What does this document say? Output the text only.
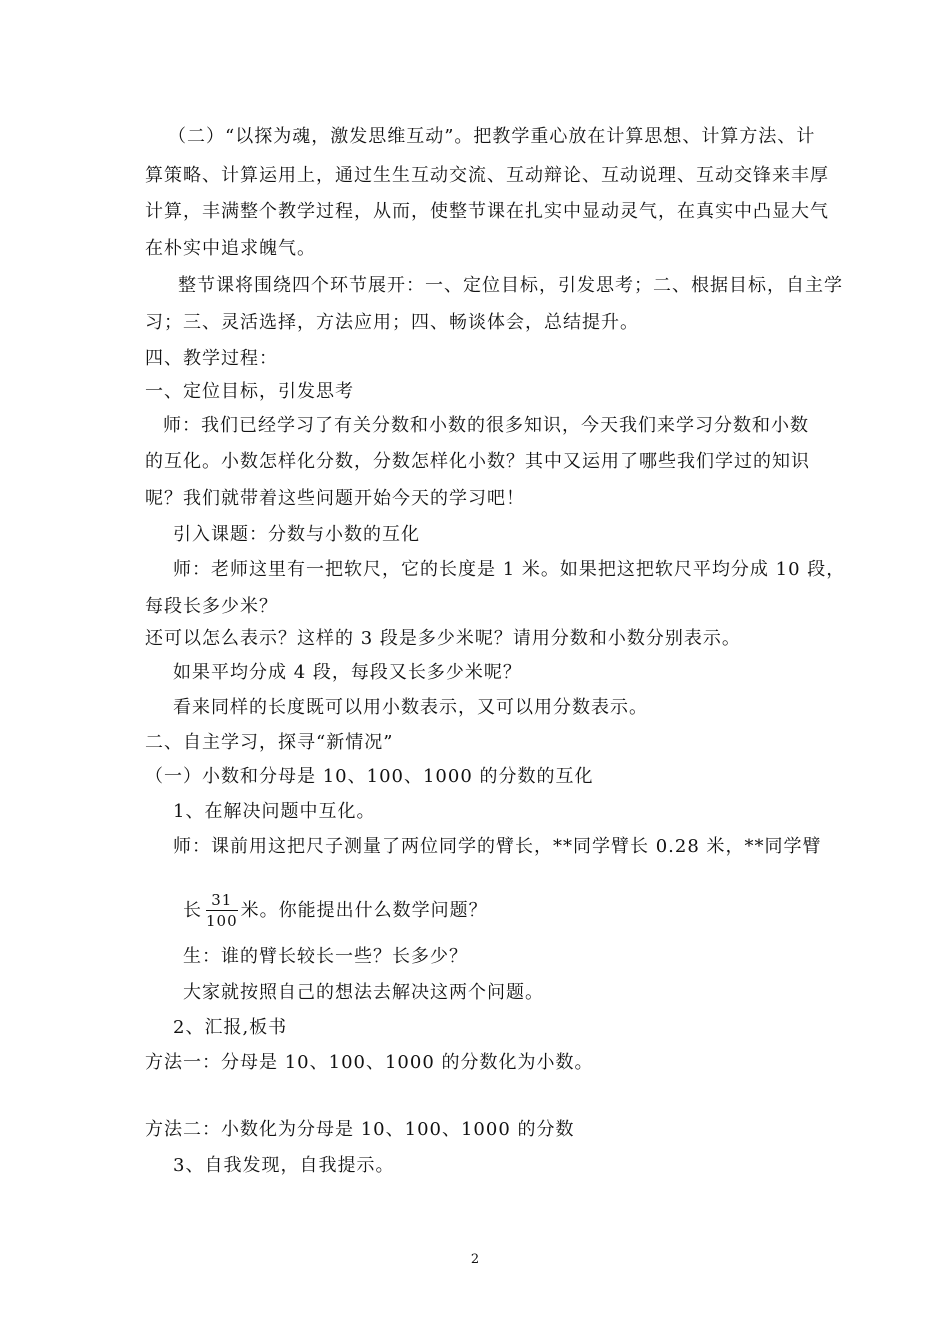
（二）“以探为魂，激发思维互动”。把教学重心放在计算思想、计算方法、计
算策略、计算运用上，通过生生互动交流、互动辩论、互动说理、互动交锋来丰厚
计算，丰满整个教学过程，从而，使整节课在扎实中显动灵气，在真实中凸显大气
在朴实中追求魄气。
整节课将围绕四个环节展开：一、定位目标，引发思考；二、根据目标，自主学
习；三、灵活选择，方法应用；四、畅谈体会，总结提升。
四、教学过程：
一、定位目标，引发思考
师：我们已经学习了有关分数和小数的很多知识，今天我们来学习分数和小数
的互化。小数怎样化分数，分数怎样化小数？其中又运用了哪些我们学过的知识
呢？我们就带着这些问题开始今天的学习吧！
引入课题：分数与小数的互化
师：老师这里有一把软尺，它的长度是 1 米。如果把这把软尺平均分成 10 段，
每段长多少米？
还可以怎么表示？这样的 3 段是多少米呢？请用分数和小数分别表示。
如果平均分成 4 段，每段又长多少米呢？
看来同样的长度既可以用小数表示，又可以用分数表示。
二、自主学习，探寻“新情况”
（一）小数和分母是 10、100、1000 的分数的互化
1、在解决问题中互化。
师：课前用这把尺子测量了两位同学的臂长，**同学臂长 0.28 米，**同学臂
长 $\frac{31}{100}$ 米。你能提出什么数学问题？
生：谁的臂长较长一些？长多少？
大家就按照自己的想法去解决这两个问题。
2、汇报,板书
方法一：分母是 10、100、1000 的分数化为小数。
方法二：小数化为分母是 10、100、1000 的分数
3、自我发现，自我提示。
2
